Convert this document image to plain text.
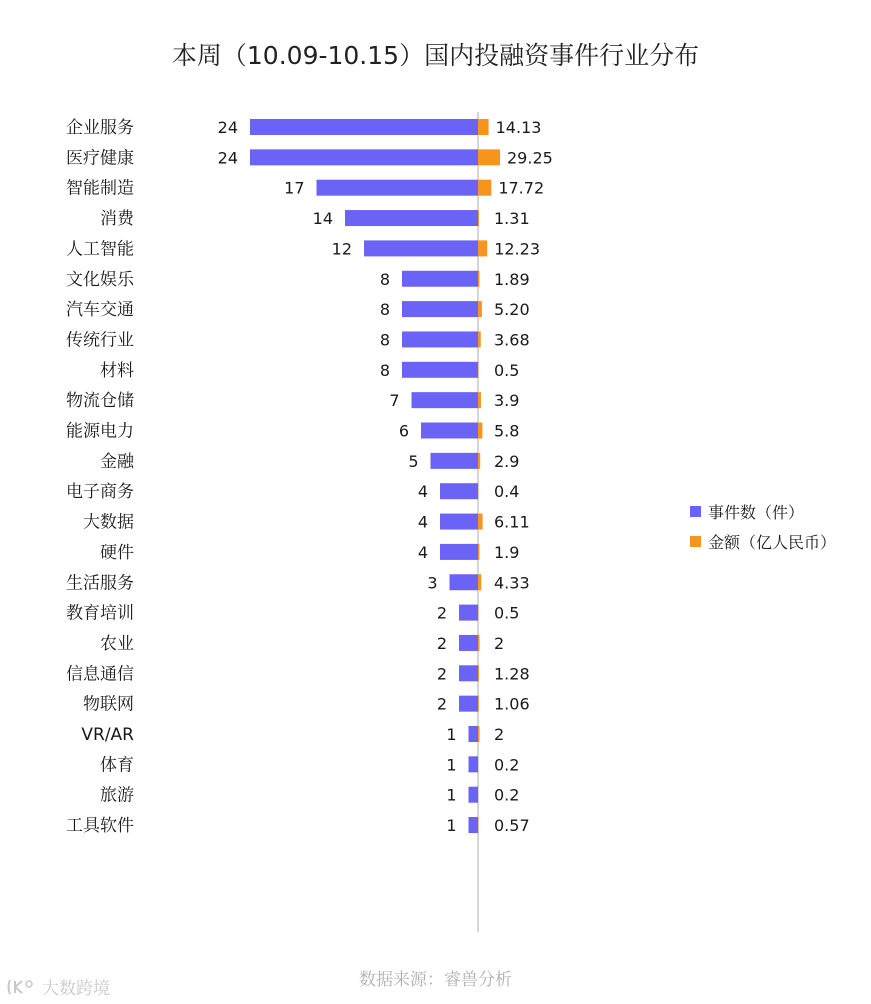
本周（10.09-10.15）国内投融资事件行业分布
企业服务
医疗健康
智能制造
消费
人工智能
文化娱乐
汽车交通
传统行业
材料
物流仓储
能源电力
金融
电子商务
大数据
硬件
生活服务
教育培训
农业
信息通信
物联网
VR/AR
体育
旅游
工具软件
24
24
17
14
12
8
8
8
8
7
6
5
4
4
4
3
2
2
2
2
1
1
1
1
14.13
29.25
17.72
1.31
12.23
1.89
5.20
3.68
0.5
3.9
5.8
2.9
0.4
6.11
1.9
4.33
0.5
2
1.28
1.06
2
0.2
0.2
0.57
事件数（件）
金额（亿人民币）
数据来源：睿兽分析
大数跨境
